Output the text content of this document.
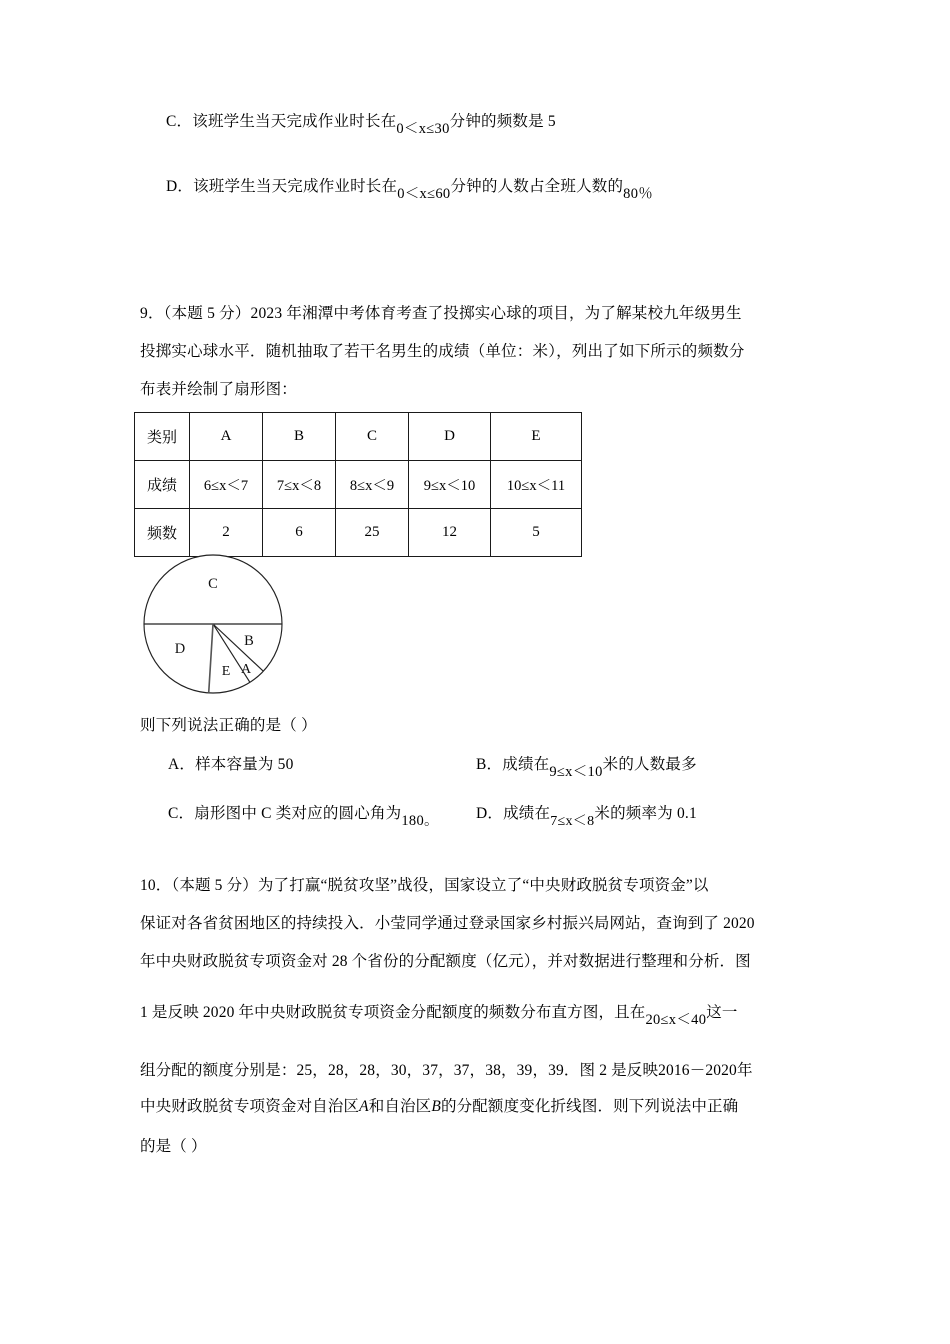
C．该班学生当天完成作业时长在0＜x≤30分钟的频数是 5
D．该班学生当天完成作业时长在0＜x≤60分钟的人数占全班人数的80％
9．（本题 5 分）2023 年湘潭中考体育考查了投掷实心球的项目，为了解某校九年级男生
投掷实心球水平．随机抽取了若干名男生的成绩（单位：米），列出了如下所示的频数分
布表并绘制了扇形图：
类别	A	B	C	D	E
成绩	6≤x＜7	7≤x＜8	8≤x＜9	9≤x＜10	10≤x＜11
频数	2	6	25	12	5
C
B
A
E
D
则下列说法正确的是（ ）
A．样本容量为 50	B．成绩在9≤x＜10米的人数最多
C．扇形图中 C 类对应的圆心角为180。 D．成绩在7≤x＜8米的频率为 0.1
10．（本题 5 分）为了打赢“脱贫攻坚”战役，国家设立了“中央财政脱贫专项资金”以
保证对各省贫困地区的持续投入．小莹同学通过登录国家乡村振兴局网站，查询到了 2020
年中央财政脱贫专项资金对 28 个省份的分配额度（亿元），并对数据进行整理和分析．图
1 是反映 2020 年中央财政脱贫专项资金分配额度的频数分布直方图，且在20≤x＜40这一
组分配的额度分别是：25，28，28，30，37，37，38，39，39．图 2 是反映2016－2020年
中央财政脱贫专项资金对自治区A和自治区B的分配额度变化折线图．则下列说法中正确
的是（ ）
